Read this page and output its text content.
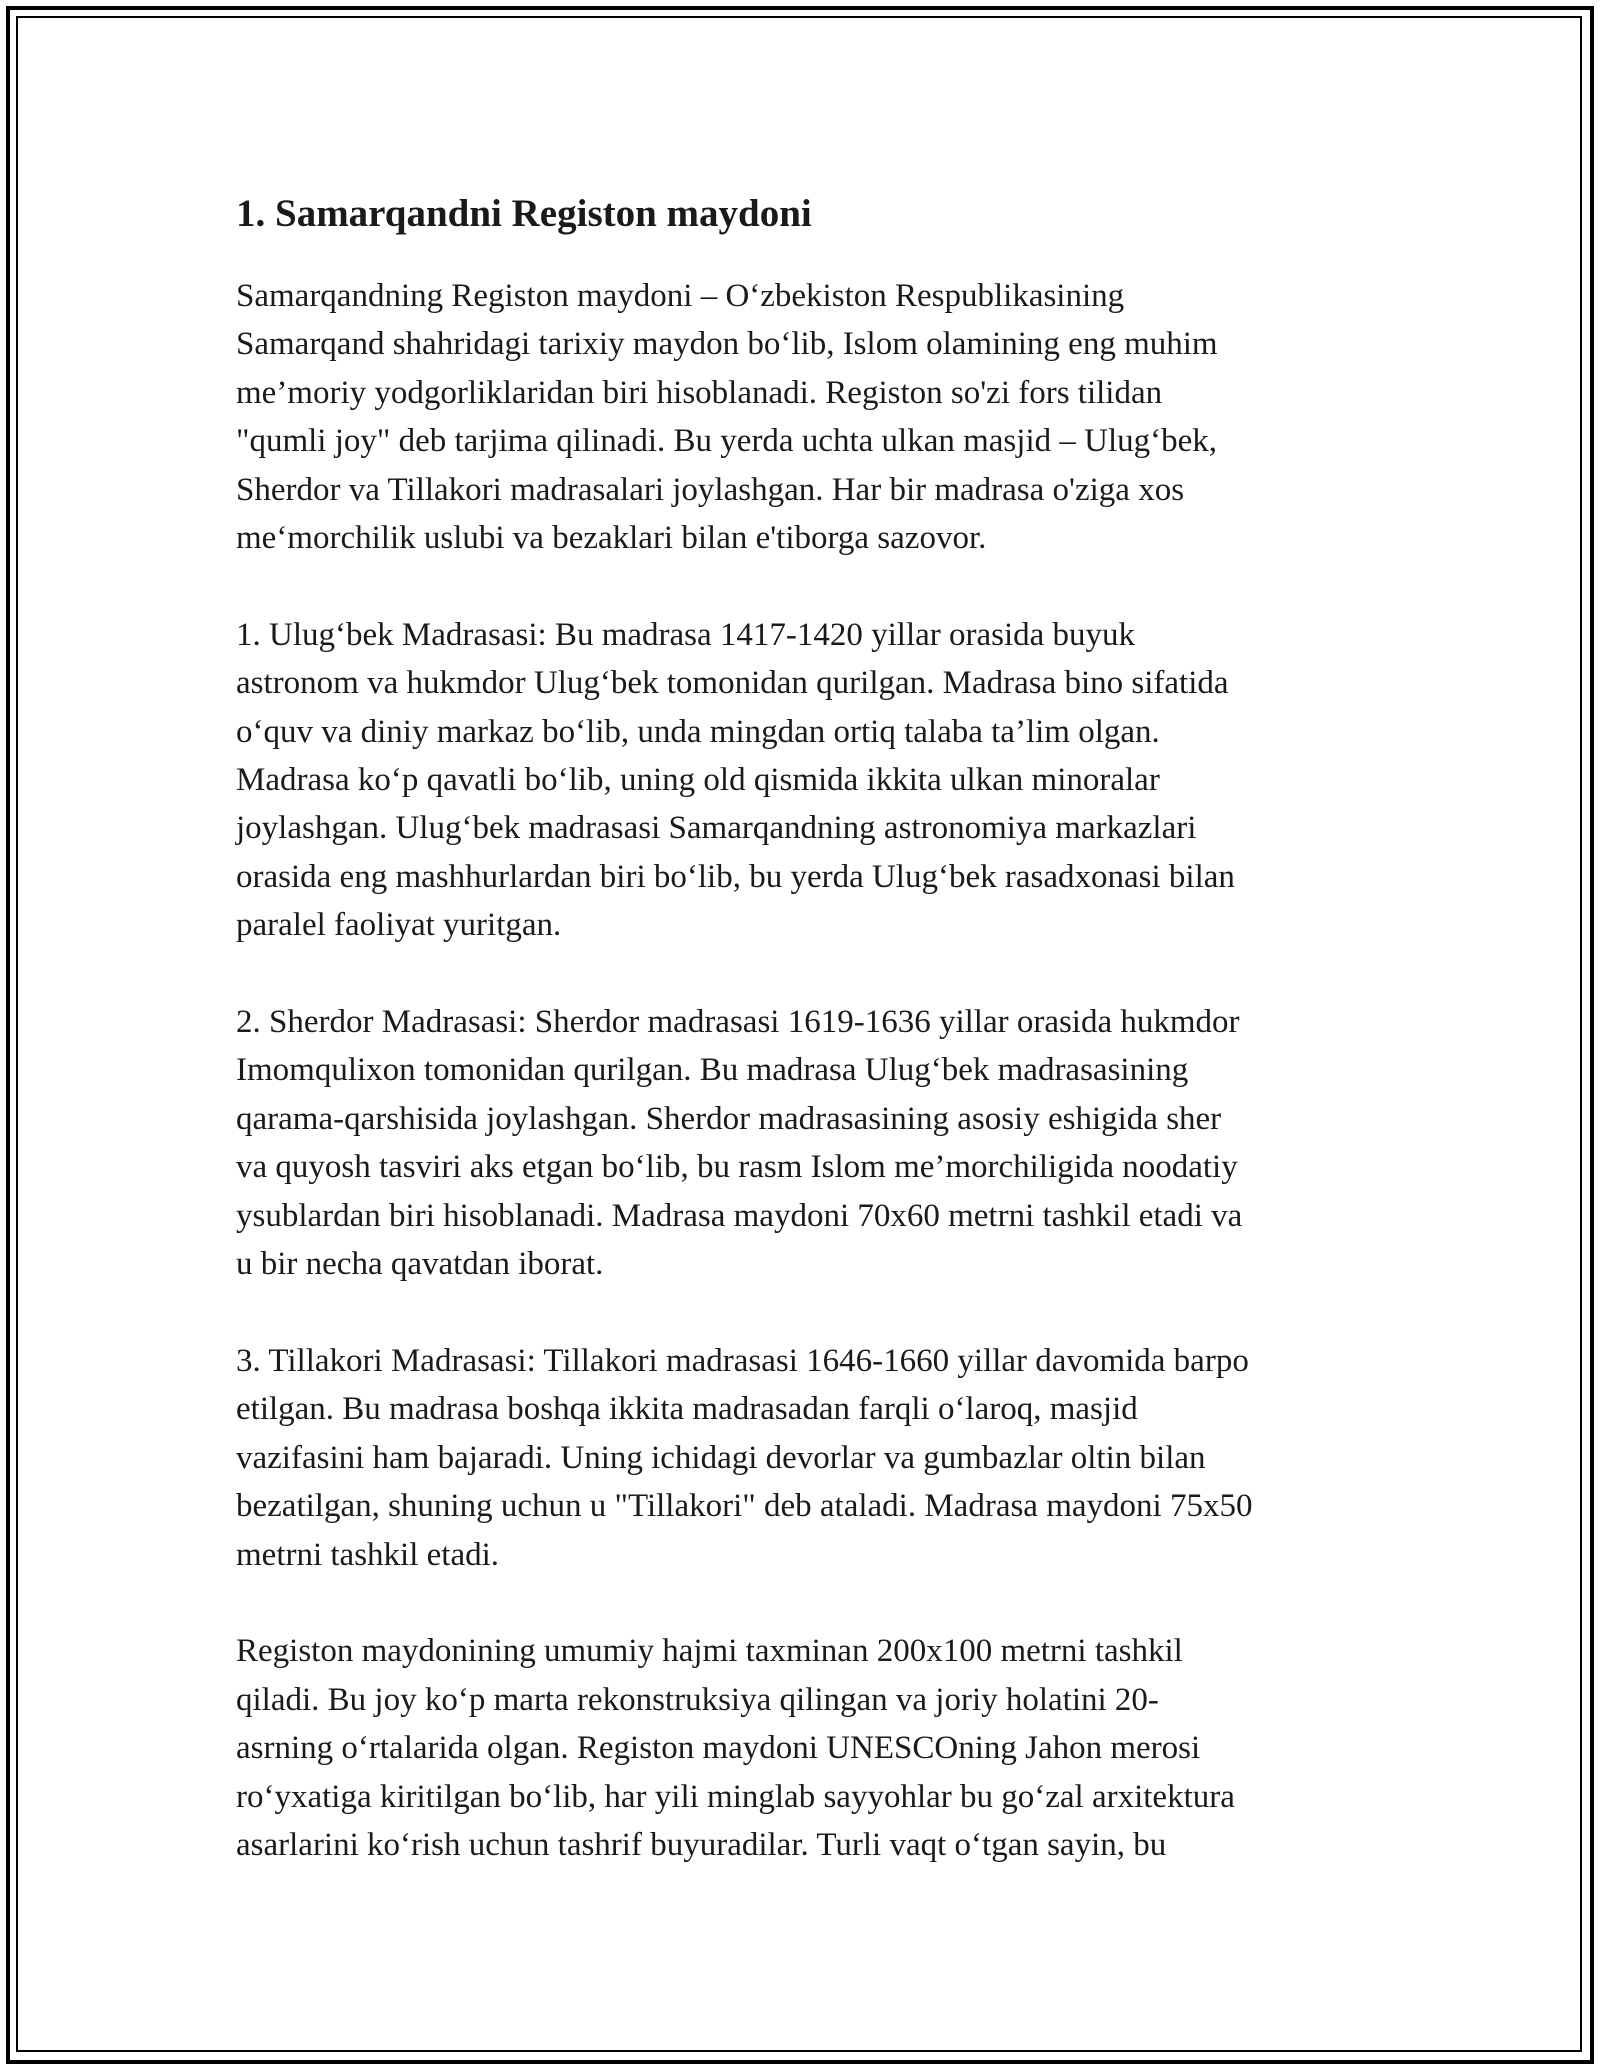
1. Samarqandni Registon maydoni

Samarqandning Registon maydoni – Oʻzbekiston Respublikasining
Samarqand shahridagi tarixiy maydon boʻlib, Islom olamining eng muhim
me’moriy yodgorliklaridan biri hisoblanadi. Registon so'zi fors tilidan
"qumli joy" deb tarjima qilinadi. Bu yerda uchta ulkan masjid – Ulugʻbek,
Sherdor va Tillakori madrasalari joylashgan. Har bir madrasa o'ziga xos
meʻmorchilik uslubi va bezaklari bilan e'tiborga sazovor.

1. Ulugʻbek Madrasasi: Bu madrasa 1417-1420 yillar orasida buyuk
astronom va hukmdor Ulugʻbek tomonidan qurilgan. Madrasa bino sifatida
oʻquv va diniy markaz boʻlib, unda mingdan ortiq talaba ta’lim olgan.
Madrasa koʻp qavatli boʻlib, uning old qismida ikkita ulkan minoralar
joylashgan. Ulugʻbek madrasasi Samarqandning astronomiya markazlari
orasida eng mashhurlardan biri boʻlib, bu yerda Ulugʻbek rasadxonasi bilan
paralel faoliyat yuritgan.

2. Sherdor Madrasasi: Sherdor madrasasi 1619-1636 yillar orasida hukmdor
Imomqulixon tomonidan qurilgan. Bu madrasa Ulugʻbek madrasasining
qarama-qarshisida joylashgan. Sherdor madrasasining asosiy eshigida sher
va quyosh tasviri aks etgan boʻlib, bu rasm Islom me’morchiligida noodatiy
ysublardan biri hisoblanadi. Madrasa maydoni 70x60 metrni tashkil etadi va
u bir necha qavatdan iborat.

3. Tillakori Madrasasi: Tillakori madrasasi 1646-1660 yillar davomida barpo
etilgan. Bu madrasa boshqa ikkita madrasadan farqli oʻlaroq, masjid
vazifasini ham bajaradi. Uning ichidagi devorlar va gumbazlar oltin bilan
bezatilgan, shuning uchun u "Tillakori" deb ataladi. Madrasa maydoni 75x50
metrni tashkil etadi.

Registon maydonining umumiy hajmi taxminan 200x100 metrni tashkil
qiladi. Bu joy koʻp marta rekonstruksiya qilingan va joriy holatini 20-
asrning oʻrtalarida olgan. Registon maydoni UNESCOning Jahon merosi
roʻyxatiga kiritilgan boʻlib, har yili minglab sayyohlar bu goʻzal arxitektura
asarlarini koʻrish uchun tashrif buyuradilar. Turli vaqt oʻtgan sayin, bu
